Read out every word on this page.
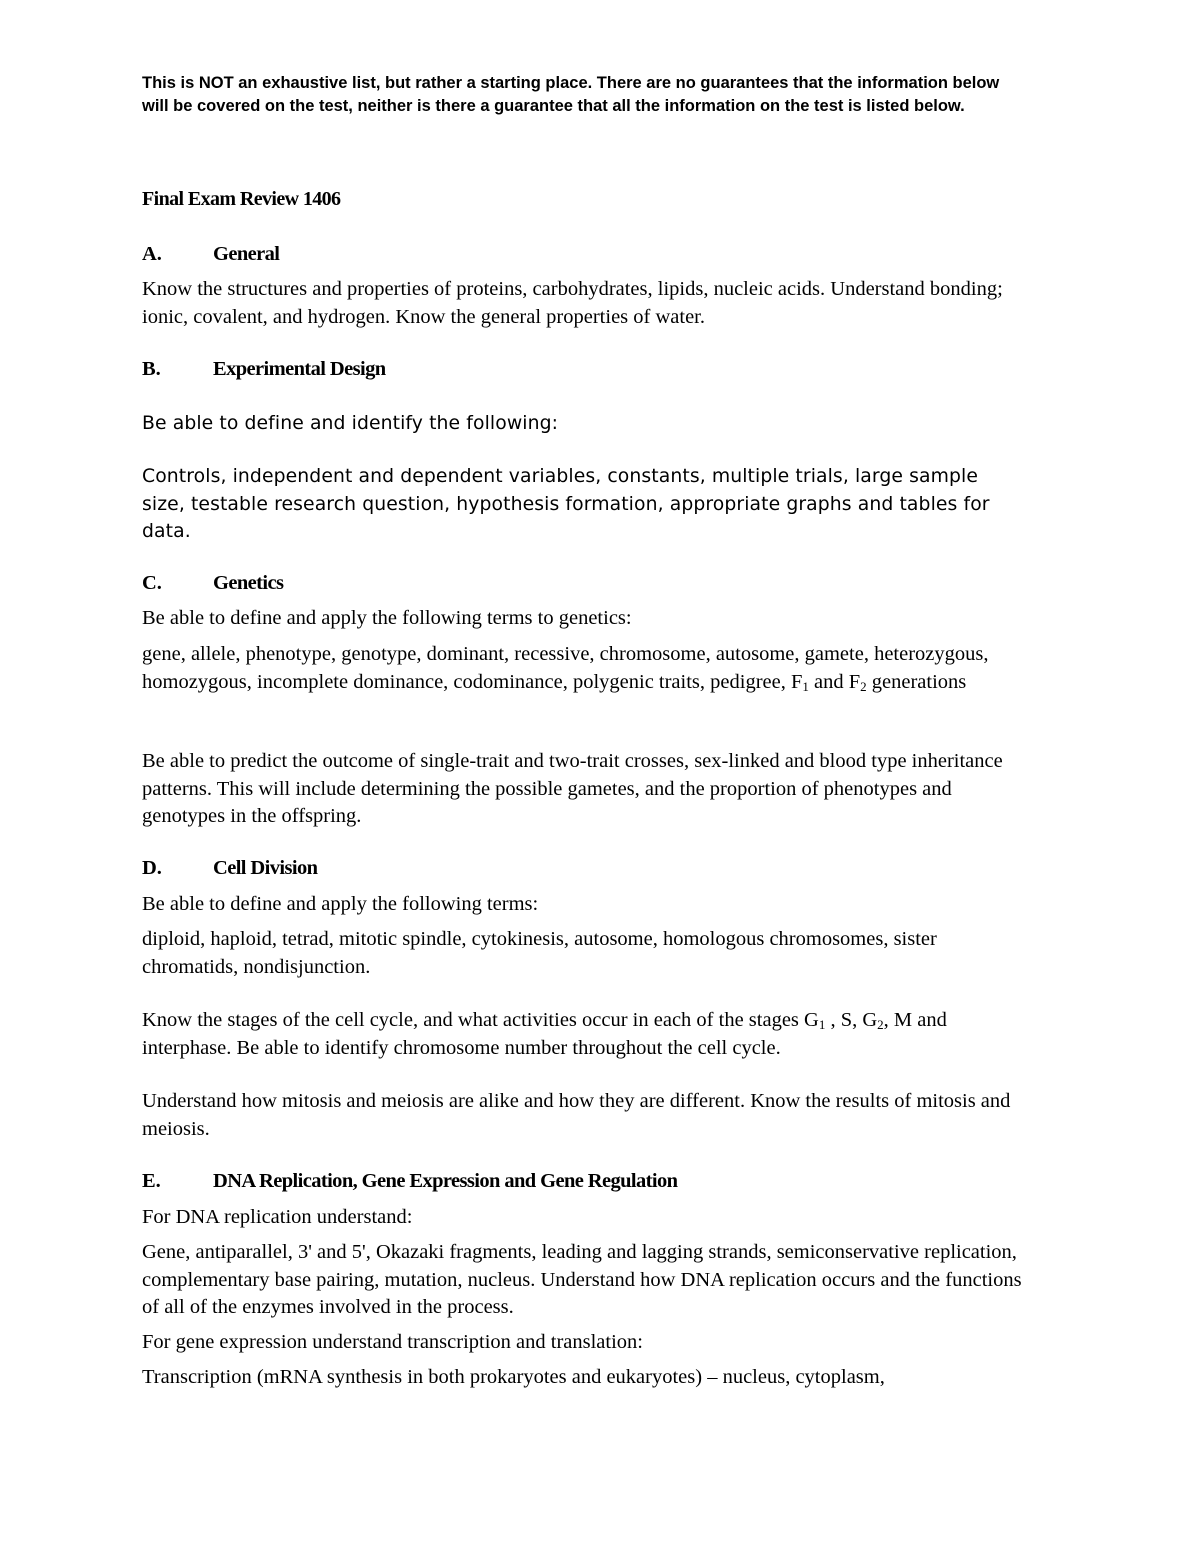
This is NOT an exhaustive list, but rather a starting place. There are no guarantees that the information below will be covered on the test, neither is there a guarantee that all the information on the test is listed below.
Final Exam Review 1406
A. General
Know the structures and properties of proteins, carbohydrates, lipids, nucleic acids. Understand bonding; ionic, covalent, and hydrogen. Know the general properties of water.
B.	Experimental Design
Be able to define and identify the following:
Controls, independent and dependent variables, constants, multiple trials, large sample size, testable research question, hypothesis formation, appropriate graphs and tables for data.
C. Genetics
Be able to define and apply the following terms to genetics:
gene, allele, phenotype, genotype, dominant, recessive, chromosome, autosome, gamete, heterozygous, homozygous, incomplete dominance, codominance, polygenic traits, pedigree, $F_1$ and $F_2$ generations
Be able to predict the outcome of single-trait and two-trait crosses, sex-linked and blood type inheritance patterns. This will include determining the possible gametes, and the proportion of phenotypes and genotypes in the offspring.
D. Cell Division
Be able to define and apply the following terms:
diploid, haploid, tetrad, mitotic spindle, cytokinesis, autosome, homologous chromosomes, sister chromatids, nondisjunction.
Know the stages of the cell cycle, and what activities occur in each of the stages $G_1$ , S, $G_2$, M and interphase. Be able to identify chromosome number throughout the cell cycle.
Understand how mitosis and meiosis are alike and how they are different. Know the results of mitosis and meiosis.
E.	DNA Replication, Gene Expression and Gene Regulation
For DNA replication understand:
Gene, antiparallel, 3' and 5', Okazaki fragments, leading and lagging strands, semiconservative replication, complementary base pairing, mutation, nucleus. Understand how DNA replication occurs and the functions of all of the enzymes involved in the process.
For gene expression understand transcription and translation:
Transcription (mRNA synthesis in both prokaryotes and eukaryotes) – nucleus, cytoplasm,
